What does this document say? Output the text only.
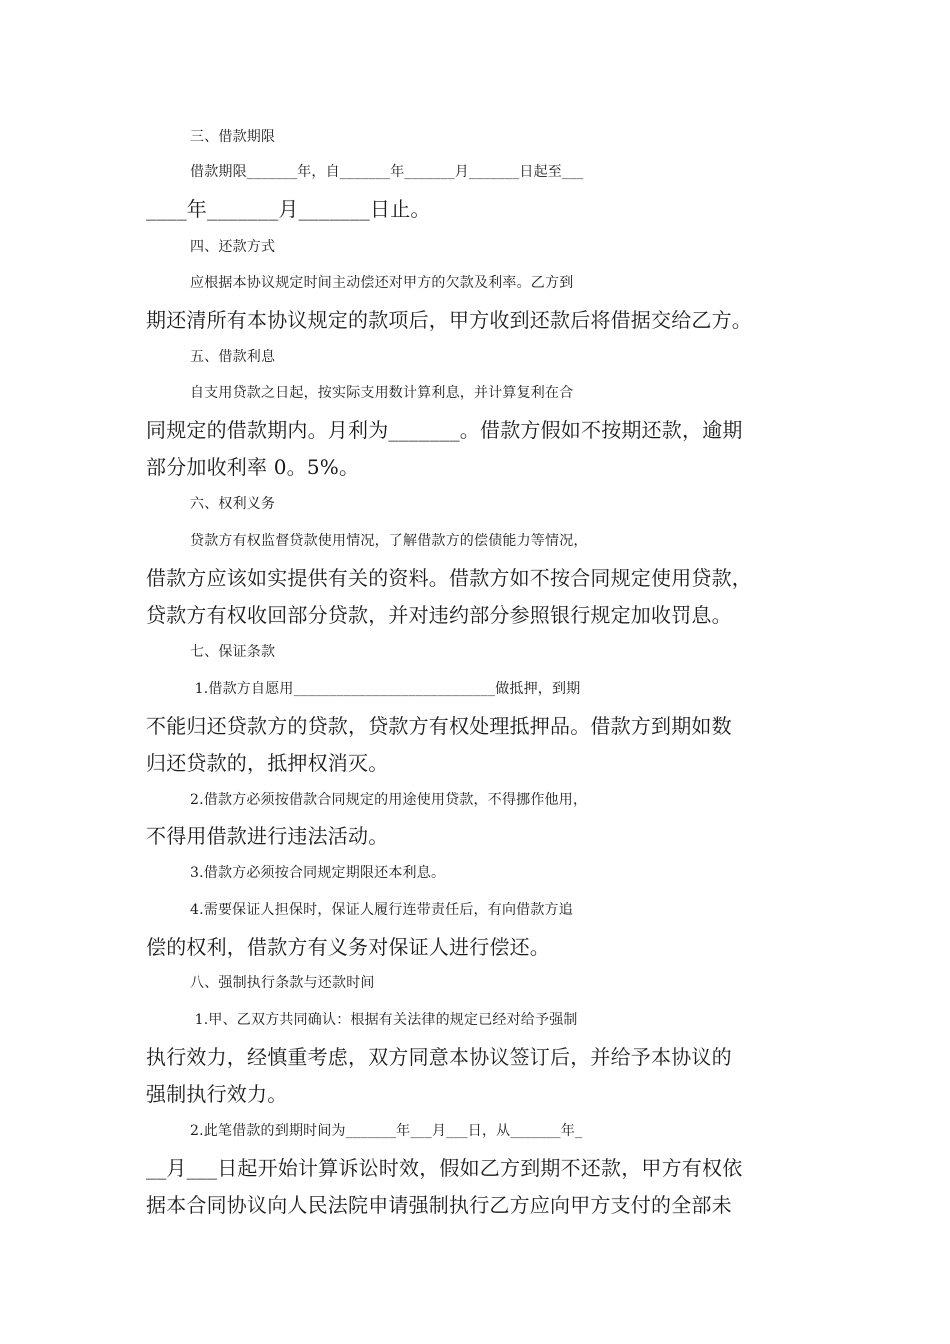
三、借款期限
借款期限_______年，自_______年_______月_______日起至___
____年_______月_______日止。
四、还款方式
应根据本协议规定时间主动偿还对甲方的欠款及利率。乙方到
期还清所有本协议规定的款项后，甲方收到还款后将借据交给乙方。
五、借款利息
自支用贷款之日起，按实际支用数计算利息，并计算复利在合
同规定的借款期内。月利为_______。借款方假如不按期还款，逾期
部分加收利率 0。5%。
六、权利义务
贷款方有权监督贷款使用情况，了解借款方的偿债能力等情况，
借款方应该如实提供有关的资料。借款方如不按合同规定使用贷款，
贷款方有权收回部分贷款，并对违约部分参照银行规定加收罚息。
七、保证条款
1.借款方自愿用____________________________做抵押，到期
不能归还贷款方的贷款，贷款方有权处理抵押品。借款方到期如数
归还贷款的，抵押权消灭。
2.借款方必须按借款合同规定的用途使用贷款，不得挪作他用，
不得用借款进行违法活动。
3.借款方必须按合同规定期限还本利息。
4.需要保证人担保时，保证人履行连带责任后，有向借款方追
偿的权利，借款方有义务对保证人进行偿还。
八、强制执行条款与还款时间
1.甲、乙双方共同确认：根据有关法律的规定已经对给予强制
执行效力，经慎重考虑，双方同意本协议签订后，并给予本协议的
强制执行效力。
2.此笔借款的到期时间为_______年___月___日，从_______年_
__月___日起开始计算诉讼时效，假如乙方到期不还款，甲方有权依
据本合同协议向人民法院申请强制执行乙方应向甲方支付的全部未
